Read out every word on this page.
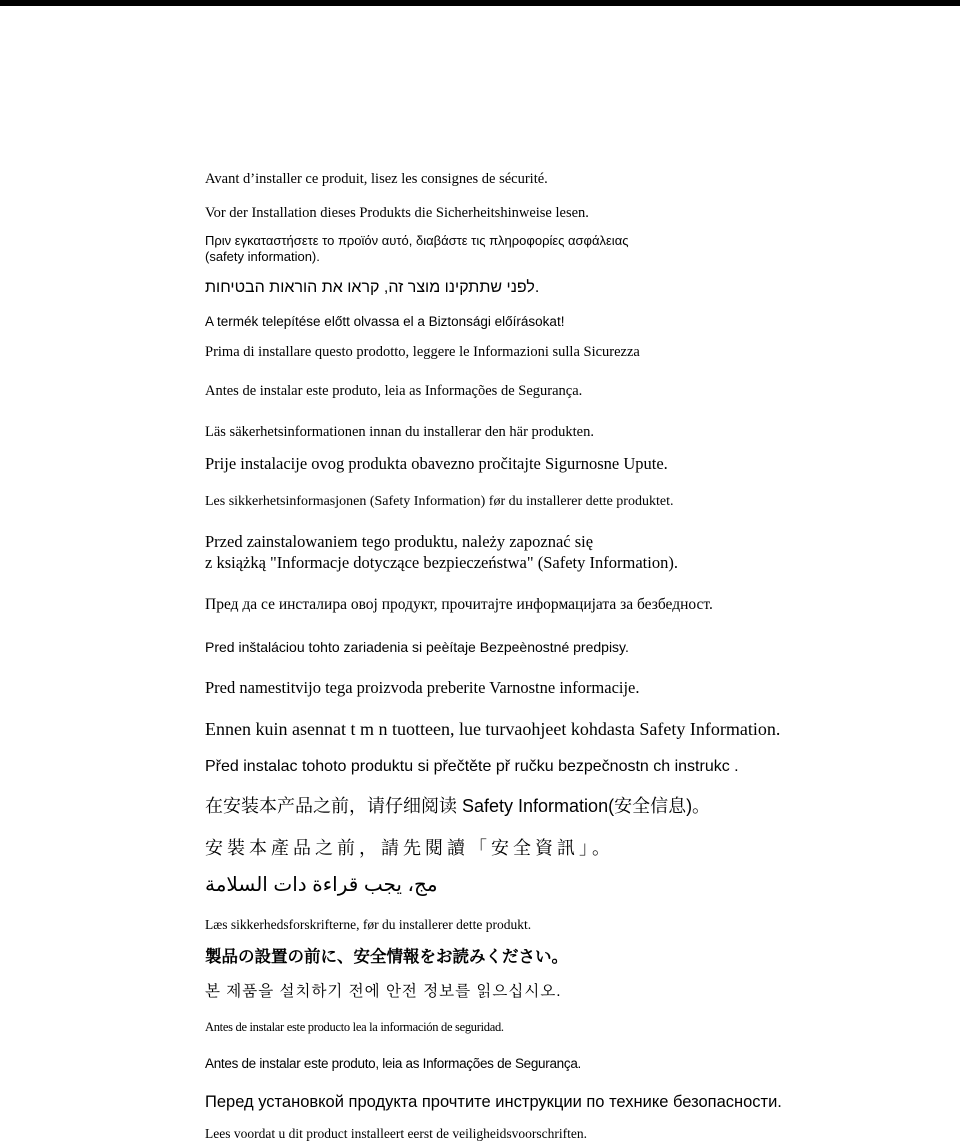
Avant d’installer ce produit, lisez les consignes de sécurité.
Vor der Installation dieses Produkts die Sicherheitshinweise lesen.
Πριν εγκαταστήσετε το προϊόν αυτό, διαβάστε τις πληροφορίες ασφάλειας
(safety information).
לפני שתתקינו מוצר זה, קראו את הוראות הבטיחות.
A termék telepítése előtt olvassa el a Biztonsági előírásokat!
Prima di installare questo prodotto, leggere le Informazioni sulla Sicurezza
Antes de instalar este produto, leia as Informações de Segurança.
Läs säkerhetsinformationen innan du installerar den här produkten.
Prije instalacije ovog produkta obavezno pročitajte Sigurnosne Upute.
Les sikkerhetsinformasjonen (Safety Information) før du installerer dette produktet.
Przed zainstalowaniem tego produktu, należy zapoznać się
z książką "Informacje dotyczące bezpieczeństwa" (Safety Information).
Пред да се инсталира овој продукт, прочитајте информацијата за безбедност.
Pred inštaláciou tohto zariadenia si peèítaje Bezpeènostné predpisy.
Pred namestitvijo tega proizvoda preberite Varnostne informacije.
Ennen kuin asennat t m n tuotteen, lue turvaohjeet kohdasta Safety Information.
Před instalac tohoto produktu si přečtěte př ručku bezpečnostn ch instrukc .
在安装本产品之前，请仔细阅读 Safety Information(安全信息)。
安裝本產品之前，請先閱讀「安全資訊」。
مج، يجب قراءة دات السلامة
Læs sikkerhedsforskrifterne, før du installerer dette produkt.
製品の設置の前に、安全情報をお読みください。
본 제품을 설치하기 전에 안전 정보를 읽으십시오.
Antes de instalar este producto lea la información de seguridad.
Antes de instalar este produto, leia as Informações de Segurança.
Перед установкой продукта прочтите инструкции по технике безопасности.
Lees voordat u dit product installeert eerst de veiligheidsvoorschriften.
